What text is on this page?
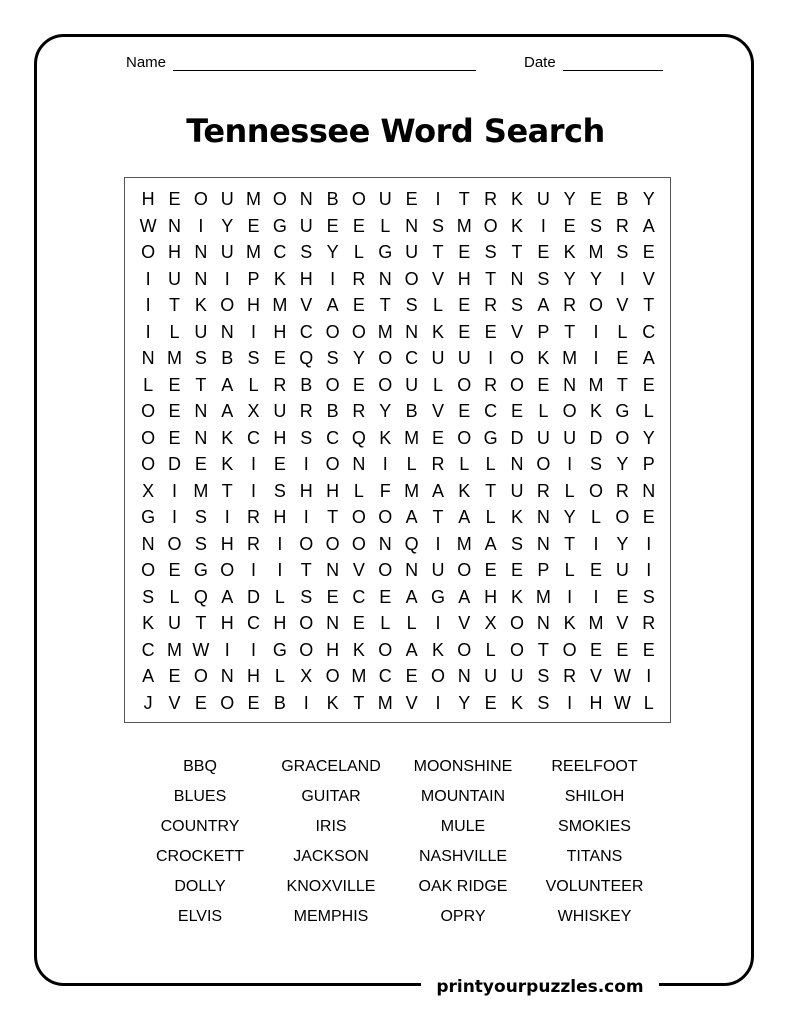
Name	Date
Tennessee Word Search
H E O U M O N B O U E I	T R K U Y E B Y
W N I Y E G U E E L N S M O K I E S R A
O H N U M C S Y L G U T E S T E K M S E
I U N I P K H I R N O V H T N S Y Y I V
I	T K O H M V A E T S L E R S A R O V T
I	L U N I H C O O M N K E E V P T	I	L C
N M S B S E Q S Y O C U U I O K M I E A
L E T A L R B O E O U L O R O E N M T E
O E N A X U R B R Y B V E C E L O K G L
O E N K C H S C Q K M E O G D U U D O Y
O D E K I E I O N I	L R L L N O I S Y P
X I M T	I S H H L F M A K T U R L O R N
G I S I R H I	T O O A T A L K N Y L O E
N O S H R I O O O N Q I M A S N T	I Y I
O E G O I	I	T N V O N U O E E P L E U I
S L Q A D L S E C E A G A H K M I	I E S
K U T H C H O N E L L	I V X O N K M V R
C M W I	I G O H K O A K O L O T O E E E
A E O N H L X O M C E O N U U S R V W I
J V E O E B I K T M V I Y E K S I H W L
BBQ	GRACELAND	MOONSHINE	REELFOOT
BLUES	GUITAR	MOUNTAIN	SHILOH
COUNTRY	IRIS	MULE	SMOKIES
CROCKETT	JACKSON	NASHVILLE	TITANS
DOLLY	KNOXVILLE	OAK RIDGE	VOLUNTEER
ELVIS	MEMPHIS	OPRY	WHISKEY
printyourpuzzles.com
